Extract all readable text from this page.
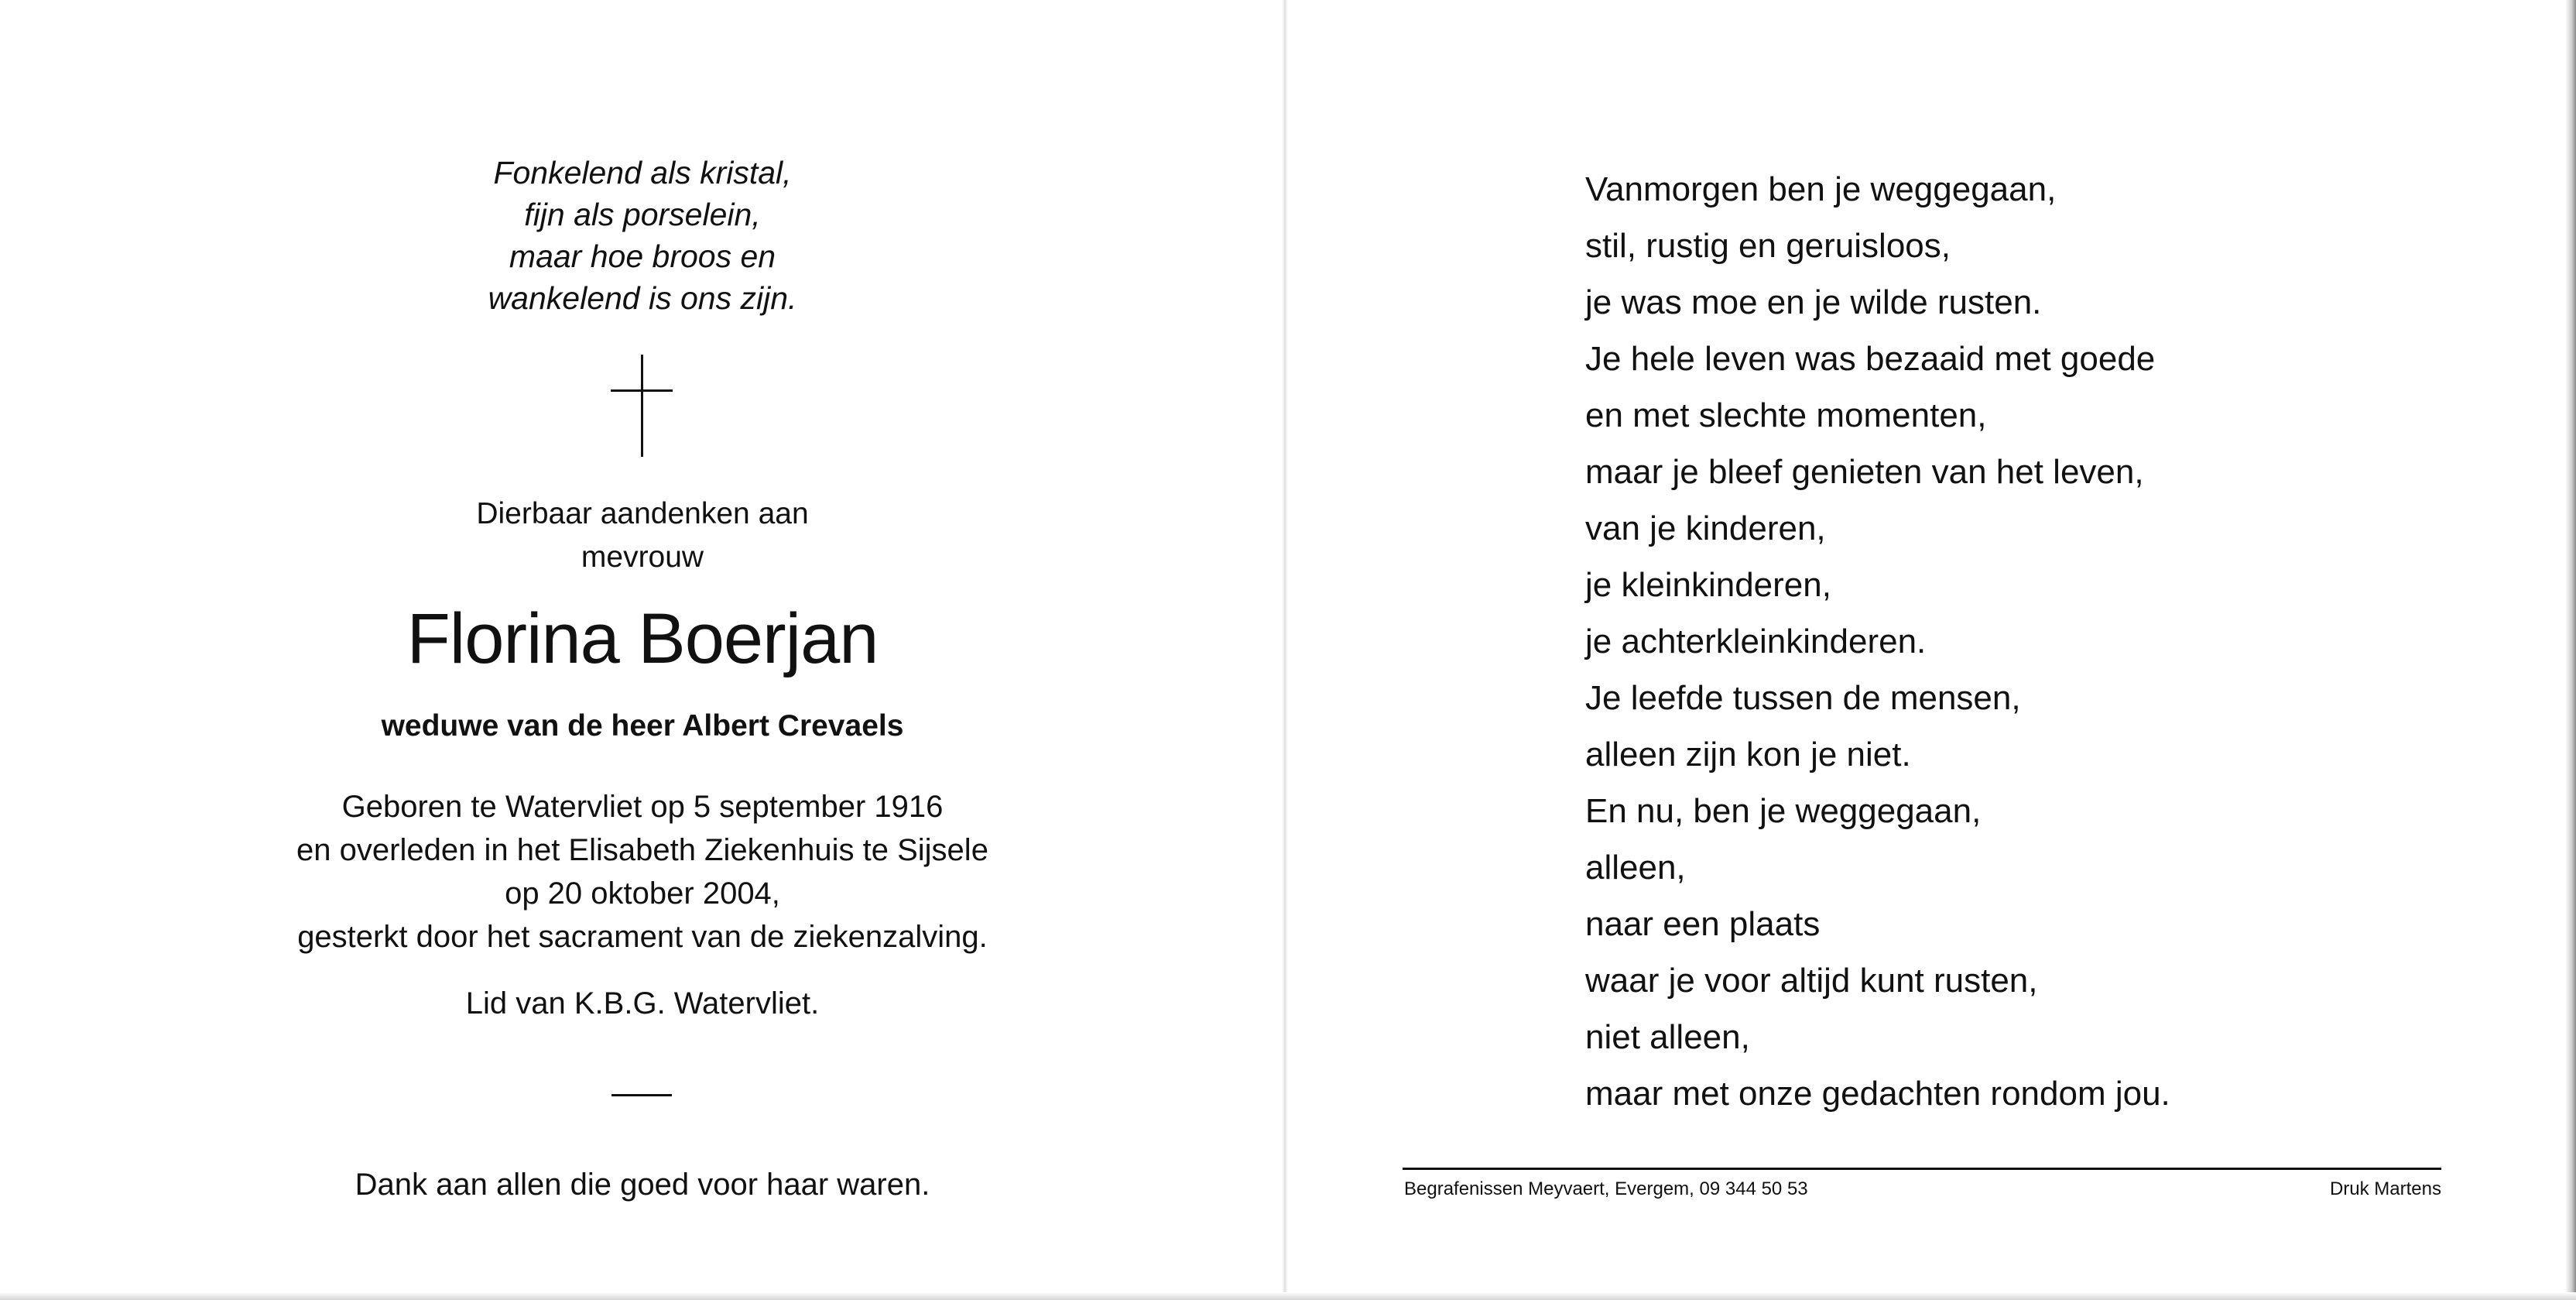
Fonkelend als kristal,
fijn als porselein,
maar hoe broos en
wankelend is ons zijn.
Dierbaar aandenken aan
mevrouw
Florina Boerjan
weduwe van de heer Albert Crevaels
Geboren te Watervliet op 5 september 1916
en overleden in het Elisabeth Ziekenhuis te Sijsele
op 20 oktober 2004,
gesterkt door het sacrament van de ziekenzalving.
Lid van K.B.G. Watervliet.
Dank aan allen die goed voor haar waren.
Vanmorgen ben je weggegaan,
stil, rustig en geruisloos,
je was moe en je wilde rusten.
Je hele leven was bezaaid met goede
en met slechte momenten,
maar je bleef genieten van het leven,
van je kinderen,
je kleinkinderen,
je achterkleinkinderen.
Je leefde tussen de mensen,
alleen zijn kon je niet.
En nu, ben je weggegaan,
alleen,
naar een plaats
waar je voor altijd kunt rusten,
niet alleen,
maar met onze gedachten rondom jou.
Begrafenissen Meyvaert, Evergem, 09 344 50 53	Druk Martens
